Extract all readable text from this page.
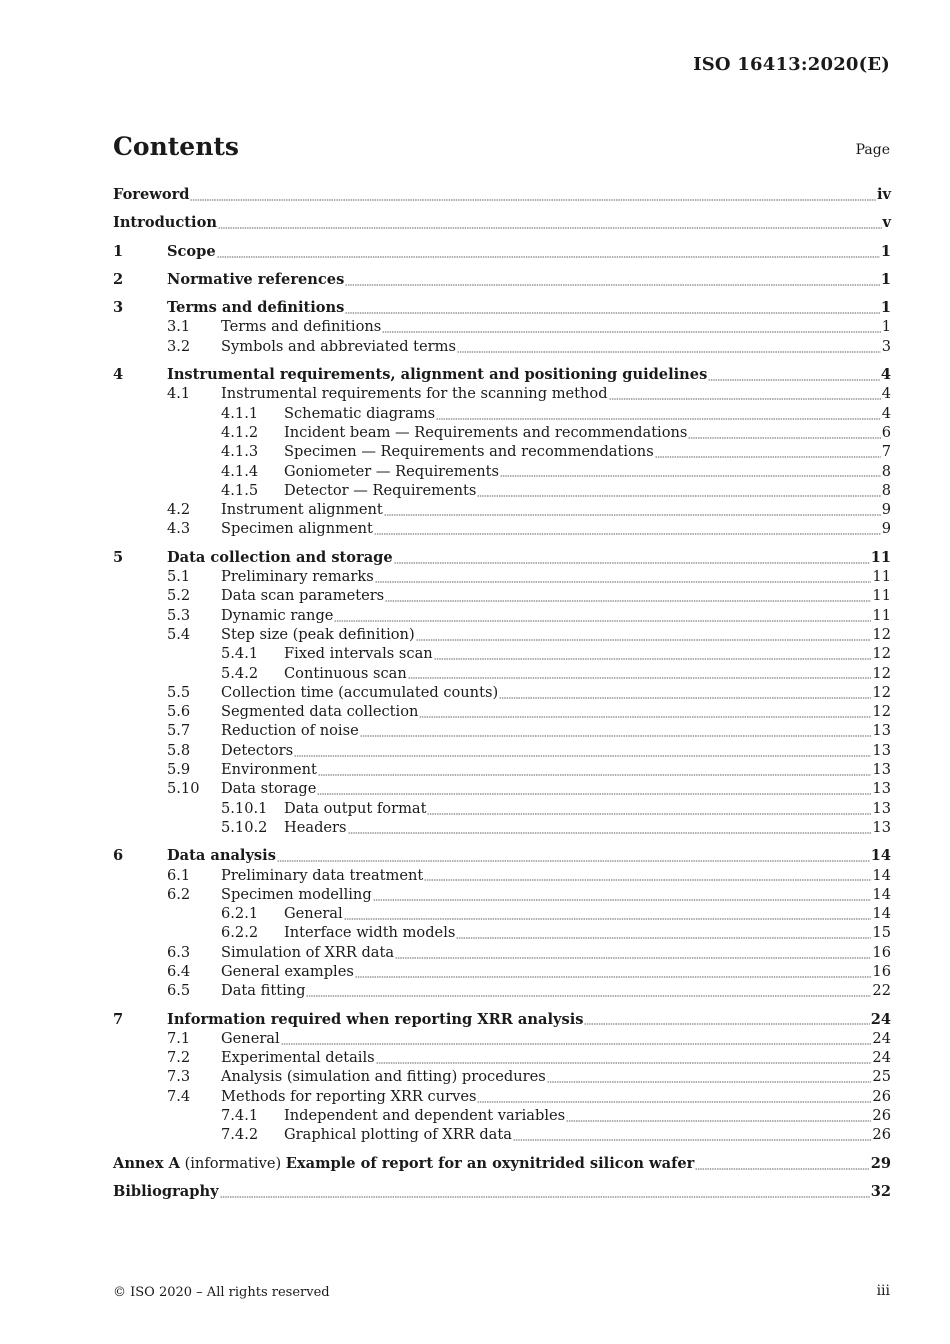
ISO 16413:2020(E)
Contents	Page
Foreword	iv
Introduction	v
1	Scope	1
2	Normative references	1
3	Terms and definitions	1
3.1	Terms and definitions	1
3.2	Symbols and abbreviated terms	3
4	Instrumental requirements, alignment and positioning guidelines	4
4.1	Instrumental requirements for the scanning method	4
4.1.1	Schematic diagrams	4
4.1.2	Incident beam — Requirements and recommendations	6
4.1.3	Specimen — Requirements and recommendations	7
4.1.4	Goniometer — Requirements	8
4.1.5	Detector — Requirements	8
4.2	Instrument alignment	9
4.3	Specimen alignment	9
5	Data collection and storage	11
5.1	Preliminary remarks	11
5.2	Data scan parameters	11
5.3	Dynamic range	11
5.4	Step size (peak definition)	12
5.4.1	Fixed intervals scan	12
5.4.2	Continuous scan	12
5.5	Collection time (accumulated counts)	12
5.6	Segmented data collection	12
5.7	Reduction of noise	13
5.8	Detectors	13
5.9	Environment	13
5.10	Data storage	13
5.10.1	Data output format	13
5.10.2	Headers	13
6	Data analysis	14
6.1	Preliminary data treatment	14
6.2	Specimen modelling	14
6.2.1	General	14
6.2.2	Interface width models	15
6.3	Simulation of XRR data	16
6.4	General examples	16
6.5	Data fitting	22
7	Information required when reporting XRR analysis	24
7.1	General	24
7.2	Experimental details	24
7.3	Analysis (simulation and fitting) procedures	25
7.4	Methods for reporting XRR curves	26
7.4.1	Independent and dependent variables	26
7.4.2	Graphical plotting of XRR data	26
Annex A (informative) Example of report for an oxynitrided silicon wafer	29
Bibliography	32
© ISO 2020 – All rights reserved	iii
